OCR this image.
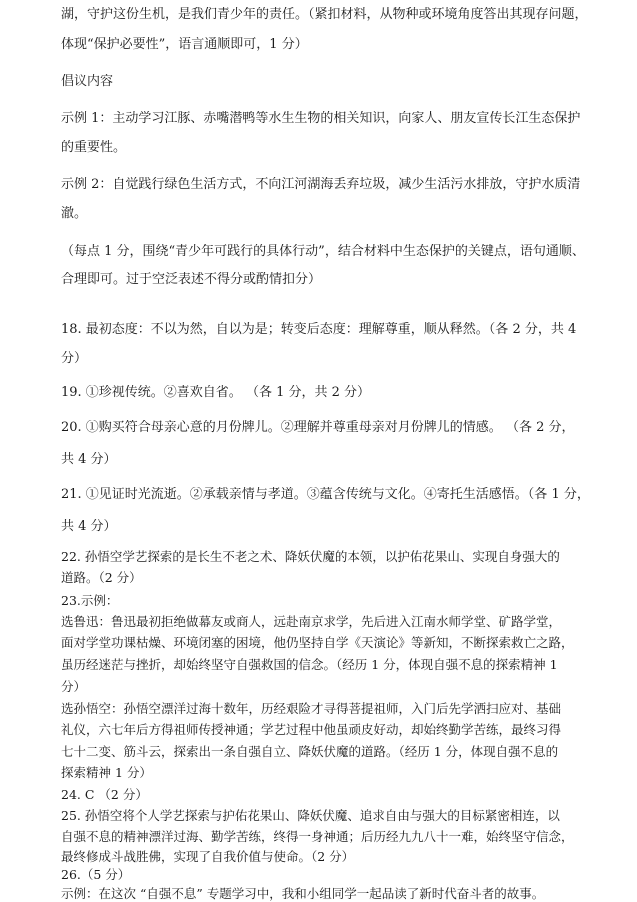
湖，守护这份生机，是我们青少年的责任。（紧扣材料，从物种或环境角度答出其现存问题，
体现“保护必要性”，语言通顺即可，1 分）
倡议内容
示例 1：主动学习江豚、赤嘴潜鸭等水生生物的相关知识，向家人、朋友宣传长江生态保护
的重要性。
示例 2：自觉践行绿色生活方式，不向江河湖海丢弃垃圾，减少生活污水排放，守护水质清
澈。
（每点 1 分，围绕“青少年可践行的具体行动”，结合材料中生态保护的关键点，语句通顺、
合理即可。过于空泛表述不得分或酌情扣分）
18. 最初态度：不以为然，自以为是；转变后态度：理解尊重，顺从释然。（各 2 分，共 4
分）
19. ①珍视传统。②喜欢自省。 （各 1 分，共 2 分）
20. ①购买符合母亲心意的月份牌儿。②理解并尊重母亲对月份牌儿的情感。 （各 2 分，
共 4 分）
21. ①见证时光流逝。②承载亲情与孝道。③蕴含传统与文化。④寄托生活感悟。（各 1 分，
共 4 分）
22. 孙悟空学艺探索的是长生不老之术、降妖伏魔的本领，以护佑花果山、实现自身强大的
道路。（2 分）
23.示例：
选鲁迅：鲁迅最初拒绝做幕友或商人，远赴南京求学，先后进入江南水师学堂、矿路学堂，
面对学堂功课枯燥、环境闭塞的困境，他仍坚持自学《天演论》等新知，不断探索救亡之路，
虽历经迷茫与挫折，却始终坚守自强救国的信念。（经历 1 分，体现自强不息的探索精神 1
分）
选孙悟空：孙悟空漂洋过海十数年，历经艰险才寻得菩提祖师，入门后先学洒扫应对、基础
礼仪，六七年后方得祖师传授神通；学艺过程中他虽顽皮好动，却始终勤学苦练，最终习得
七十二变、筋斗云，探索出一条自强自立、降妖伏魔的道路。（经历 1 分，体现自强不息的
探索精神 1 分）
24. C （2 分）
25. 孙悟空将个人学艺探索与护佑花果山、降妖伏魔、追求自由与强大的目标紧密相连，以
自强不息的精神漂洋过海、勤学苦练，终得一身神通；后历经九九八十一难，始终坚守信念，
最终修成斗战胜佛，实现了自我价值与使命。（2 分）
26.（5 分）
示例：在这次 “自强不息” 专题学习中，我和小组同学一起品读了新时代奋斗者的故事。
